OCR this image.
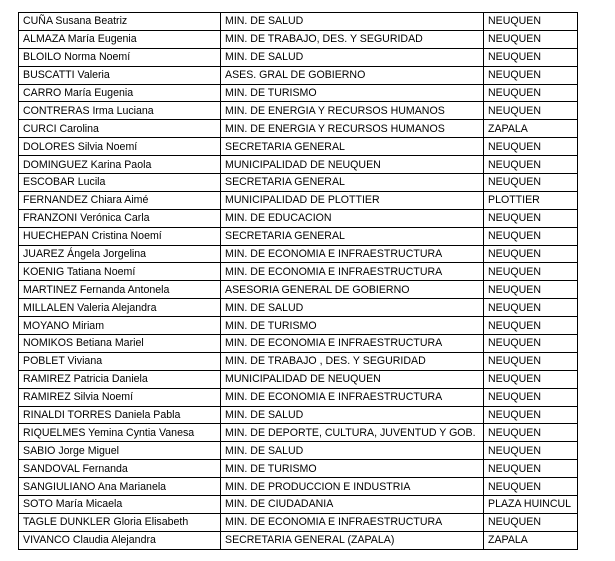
CUÑA Susana Beatriz	MIN. DE SALUD	NEUQUEN
ALMAZA María Eugenia	MIN. DE TRABAJO, DES. Y SEGURIDAD	NEUQUEN
BLOILO Norma Noemí	MIN. DE SALUD	NEUQUEN
BUSCATTI Valeria	ASES. GRAL DE GOBIERNO	NEUQUEN
CARRO María Eugenia	MIN. DE TURISMO	NEUQUEN
CONTRERAS Irma Luciana	MIN. DE ENERGIA Y RECURSOS HUMANOS	NEUQUEN
CURCI Carolina	MIN. DE ENERGIA Y RECURSOS HUMANOS	ZAPALA
DOLORES Silvia Noemí	SECRETARIA GENERAL	NEUQUEN
DOMINGUEZ Karina Paola	MUNICIPALIDAD DE NEUQUEN	NEUQUEN
ESCOBAR Lucila	SECRETARIA GENERAL	NEUQUEN
FERNANDEZ Chiara Aimé	MUNICIPALIDAD DE PLOTTIER	PLOTTIER
FRANZONI Verónica Carla	MIN. DE EDUCACION	NEUQUEN
HUECHEPAN Cristina Noemí	SECRETARIA GENERAL	NEUQUEN
JUAREZ Ángela Jorgelina	MIN. DE ECONOMIA E INFRAESTRUCTURA	NEUQUEN
KOENIG Tatiana Noemí	MIN. DE ECONOMIA E INFRAESTRUCTURA	NEUQUEN
MARTINEZ Fernanda Antonela	ASESORIA GENERAL DE GOBIERNO	NEUQUEN
MILLALEN Valeria Alejandra	MIN. DE SALUD	NEUQUEN
MOYANO Miriam	MIN. DE TURISMO	NEUQUEN
NOMIKOS Betiana Mariel	MIN. DE ECONOMIA E INFRAESTRUCTURA	NEUQUEN
POBLET Viviana	MIN. DE TRABAJO , DES. Y SEGURIDAD	NEUQUEN
RAMIREZ Patricia Daniela	MUNICIPALIDAD DE NEUQUEN	NEUQUEN
RAMIREZ Silvia Noemí	MIN. DE ECONOMIA E INFRAESTRUCTURA	NEUQUEN
RINALDI TORRES Daniela Pabla	MIN. DE SALUD	NEUQUEN
RIQUELMES Yemina Cyntia Vanesa	MIN. DE DEPORTE, CULTURA, JUVENTUD Y GOB.	NEUQUEN
SABIO Jorge Miguel	MIN. DE SALUD	NEUQUEN
SANDOVAL Fernanda	MIN. DE TURISMO	NEUQUEN
SANGIULIANO Ana Marianela	MIN. DE PRODUCCION E INDUSTRIA	NEUQUEN
SOTO María Micaela	MIN. DE CIUDADANIA	PLAZA HUINCUL
TAGLE DUNKLER Gloria Elisabeth	MIN. DE ECONOMIA E INFRAESTRUCTURA	NEUQUEN
VIVANCO Claudia Alejandra	SECRETARIA GENERAL (ZAPALA)	ZAPALA
